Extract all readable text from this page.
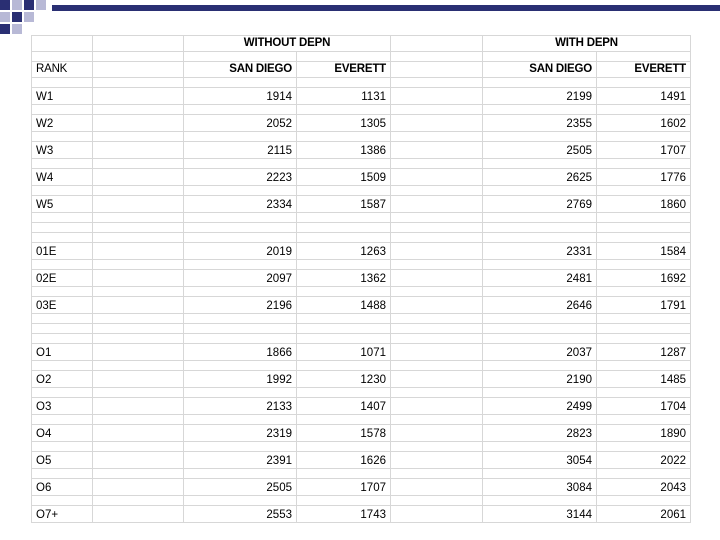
		WITHOUT DEPN			WITH DEPN	

RANK		SAN DIEGO	EVERETT		SAN DIEGO	EVERETT

W1		1914	1131		2199	1491

W2		2052	1305		2355	1602

W3		2115	1386		2505	1707

W4		2223	1509		2625	1776

W5		2334	1587		2769	1860

01E		2019	1263		2331	1584

02E		2097	1362		2481	1692

03E		2196	1488		2646	1791

O1		1866	1071		2037	1287

O2		1992	1230		2190	1485

O3		2133	1407		2499	1704

O4		2319	1578		2823	1890

O5		2391	1626		3054	2022

O6		2505	1707		3084	2043

O7+		2553	1743		3144	2061
